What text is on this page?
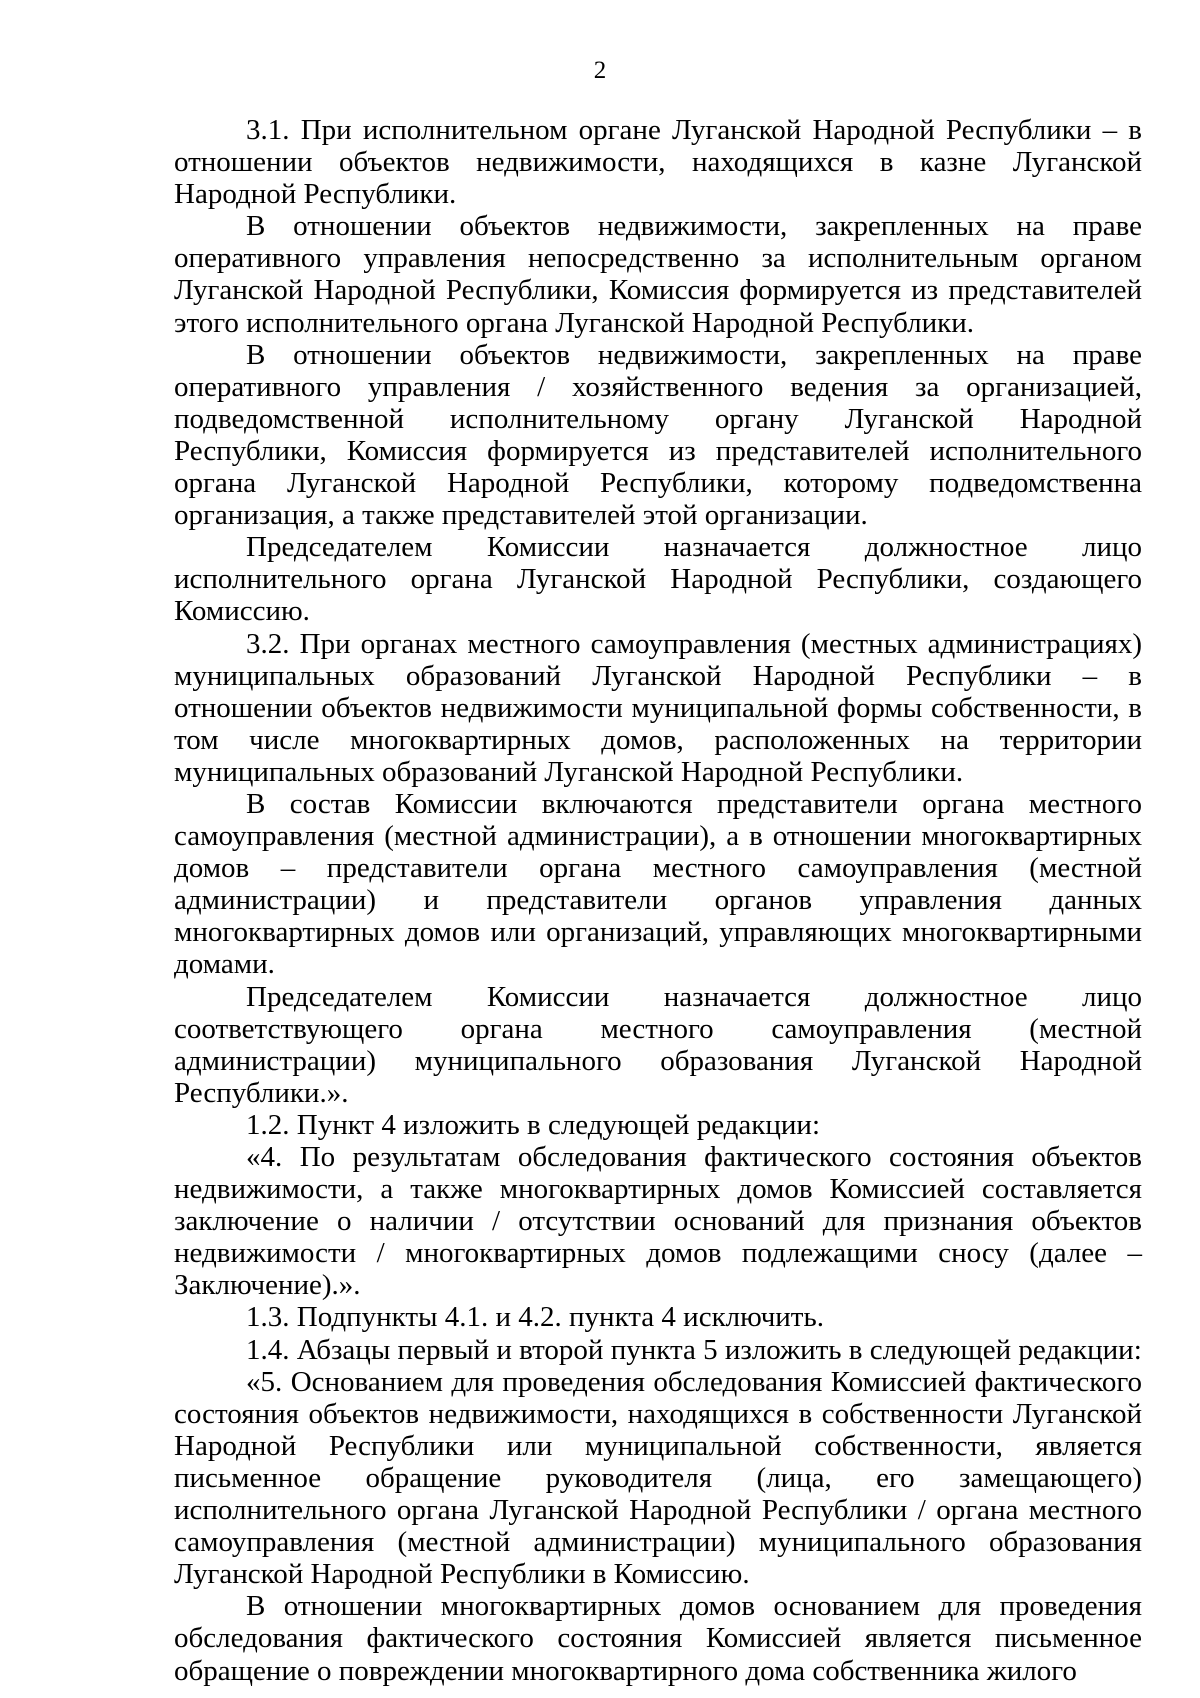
2

3.1. При исполнительном органе Луганской Народной Республики – в отношении объектов недвижимости, находящихся в казне Луганской Народной Республики.

В отношении объектов недвижимости, закрепленных на праве оперативного управления непосредственно за исполнительным органом Луганской Народной Республики, Комиссия формируется из представителей этого исполнительного органа Луганской Народной Республики.

В отношении объектов недвижимости, закрепленных на праве оперативного управления / хозяйственного ведения за организацией, подведомственной исполнительному органу Луганской Народной Республики, Комиссия формируется из представителей исполнительного органа Луганской Народной Республики, которому подведомственна организация, а также представителей этой организации.

Председателем Комиссии назначается должностное лицо исполнительного органа Луганской Народной Республики, создающего Комиссию.

3.2. При органах местного самоуправления (местных администрациях) муниципальных образований Луганской Народной Республики – в отношении объектов недвижимости муниципальной формы собственности, в том числе многоквартирных домов, расположенных на территории муниципальных образований Луганской Народной Республики.

В состав Комиссии включаются представители органа местного самоуправления (местной администрации), а в отношении многоквартирных домов – представители органа местного самоуправления (местной администрации) и представители органов управления данных многоквартирных домов или организаций, управляющих многоквартирными домами.

Председателем Комиссии назначается должностное лицо соответствующего органа местного самоуправления (местной администрации) муниципального образования Луганской Народной Республики.».

1.2. Пункт 4 изложить в следующей редакции:

«4. По результатам обследования фактического состояния объектов недвижимости, а также многоквартирных домов Комиссией составляется заключение о наличии / отсутствии оснований для признания объектов недвижимости / многоквартирных домов подлежащими сносу (далее – Заключение).».

1.3. Подпункты 4.1. и 4.2. пункта 4 исключить.

1.4. Абзацы первый и второй пункта 5 изложить в следующей редакции:

«5. Основанием для проведения обследования Комиссией фактического состояния объектов недвижимости, находящихся в собственности Луганской Народной Республики или муниципальной собственности, является письменное обращение руководителя (лица, его замещающего) исполнительного органа Луганской Народной Республики / органа местного самоуправления (местной администрации) муниципального образования Луганской Народной Республики в Комиссию.

В отношении многоквартирных домов основанием для проведения обследования фактического состояния Комиссией является письменное обращение о повреждении многоквартирного дома собственника жилого
